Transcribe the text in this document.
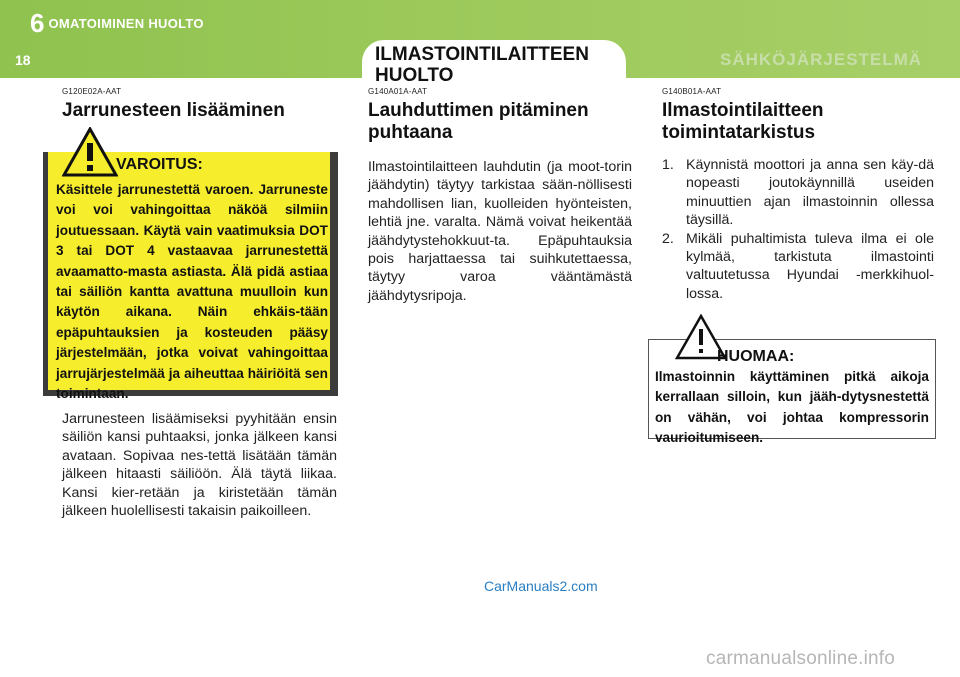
6 OMATOIMINEN HUOLTO
18	SÄHKÖJÄRJESTELMÄ
ILMASTOINTILAITTEEN HUOLTO
G120E02A-AAT
Jarrunesteen lisääminen
VAROITUS:
Käsittele jarrunestettä varoen. Jarruneste voi voi vahingoittaa näköä silmiin joutuessaan. Käytä vain vaatimuksia DOT 3 tai DOT 4 vastaavaa jarrunestettä avaamatto-masta astiasta. Älä pidä astiaa tai säiliön kantta avattuna muulloin kun käytön aikana. Näin ehkäis-tään epäpuhtauksien ja kosteuden pääsy järjestelmään, jotka voivat vahingoittaa jarrujärjestelmää ja aiheuttaa häiriöitä sen toimintaan.
Jarrunesteen lisäämiseksi pyyhitään ensin säiliön kansi puhtaaksi, jonka jälkeen kansi avataan. Sopivaa nes-tettä lisätään tämän jälkeen hitaasti säiliöön. Älä täytä liikaa. Kansi kier-retään ja kiristetään tämän jälkeen huolellisesti takaisin paikoilleen.
G140A01A-AAT
Lauhduttimen pitäminen puhtaana
Ilmastointilaitteen lauhdutin (ja moot-torin jäähdytin) täytyy tarkistaa sään-nöllisesti mahdollisen lian, kuolleiden hyönteisten, lehtiä jne. varalta. Nämä voivat heikentää jäähdytystehokkuut-ta. Epäpuhtauksia pois harjattaessa tai suihkutettaessa, täytyy varoa vääntämästä jäähdytysripoja.
G140B01A-AAT
Ilmastointilaitteen toimintatarkistus
1. Käynnistä moottori ja anna sen käy-dä nopeasti joutokäynnillä useiden minuuttien ajan ilmastoinnin ollessa täysillä.
2. Mikäli puhaltimista tuleva ilma ei ole kylmää, tarkistuta ilmastointi valtuutetussa Hyundai -merkkihuol-lossa.
HUOMAA:
Ilmastoinnin käyttäminen pitkä aikoja kerrallaan silloin, kun jääh-dytysnestettä on vähän, voi johtaa kompressorin vaurioitumiseen.
CarManuals2.com
carmanualsonline.info
